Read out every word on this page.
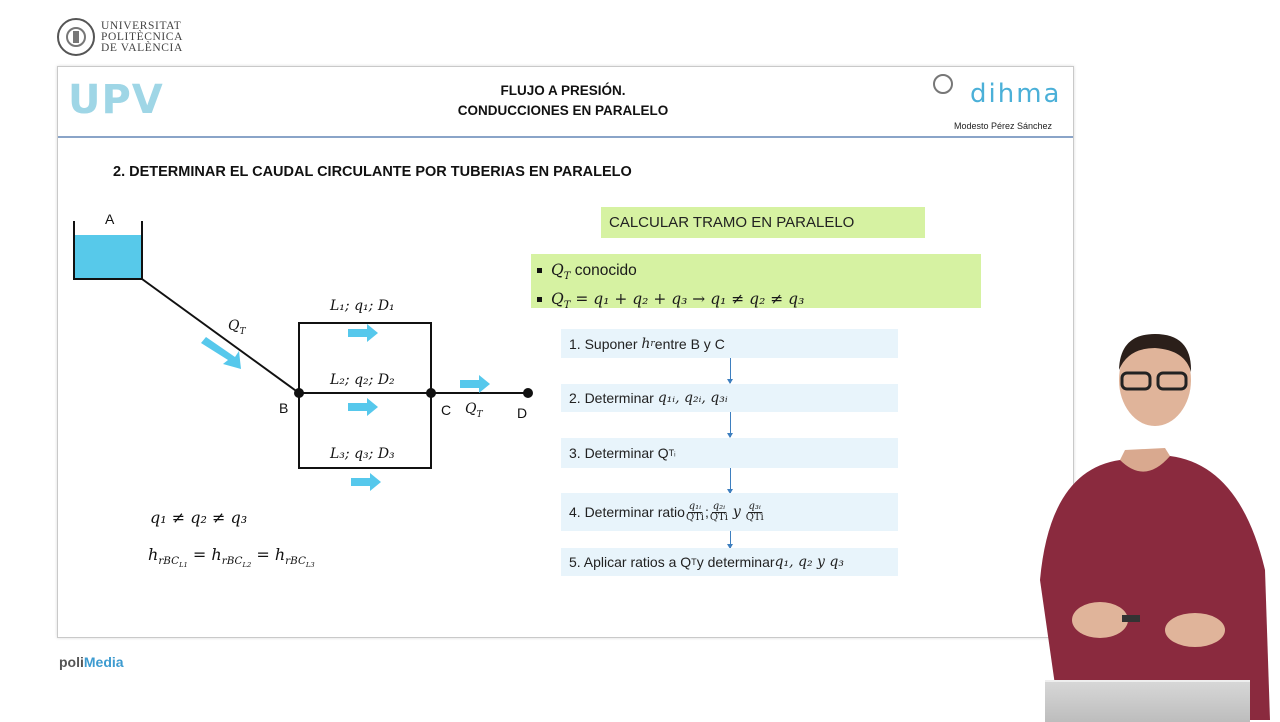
UNIVERSITAT
POLITÈCNICA
DE VALÈNCIA
UPV	FLUJO A PRESIÓN.
CONDUCCIONES EN PARALELO
dihma
Modesto Pérez Sánchez
2. DETERMINAR EL CAUDAL CIRCULANTE POR TUBERIAS EN PARALELO
A
B	C	D
$Q_T$
$Q_T$
L₁; q₁; D₁
L₂; q₂; D₂
L₃; q₃; D₃
q₁ ≠ q₂ ≠ q₃
$h_{rBC_{L1}} = h_{rBC_{L2}} = h_{rBC_{L3}}$
CALCULAR TRAMO EN PARALELO
$Q_T$ conocido
$Q_T = q_1 + q_2 + q_3 \to q_1 \ne q_2 \ne q_3$
1. Suponer
h r entre B y C
2. Determinar
q₁ᵢ, q₂ᵢ, q₃ᵢ
3. Determinar Q Tᵢ
4. Determinar ratio $\frac{\text{q₁ᵢ}}{\text{QTi}}$ ; $\frac{\text{q₂ᵢ}}{\text{QTi}}$
y
$\frac{\text{q₃ᵢ}}{\text{QTi}}$
5. Aplicar ratios a Q T y determinar q₁, q₂ y q₃
poliMedia
